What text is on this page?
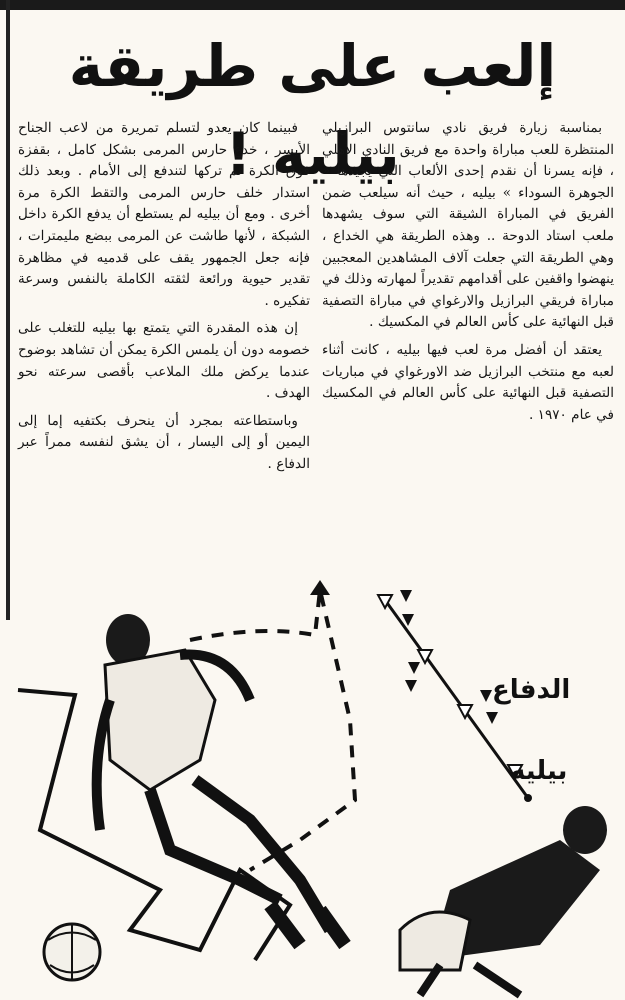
إلعب على طريقة بيليه !

بمناسبة زيارة فريق نادي سانتوس البرازيلي المنتظرة للعب مباراة واحدة مع فريق النادي الأهلي ، فإنه يسرنا أن نقدم إحدى الألعاب التي يجيدها « الجوهرة السوداء » بيليه ، حيث أنه سيلعب ضمن الفريق في المباراة الشيقة التي سوف يشهدها ملعب استاد الدوحة .. وهذه الطريقة هي الخداع ، وهي الطريقة التي جعلت آلاف المشاهدين المعجبين ينهضوا واقفين على أقدامهم تقديراً لمهارته وذلك في مباراة فريقي البرازيل والارغواي في مباراة التصفية قبل النهائية على كأس العالم في المكسيك .

يعتقد أن أفضل مرة لعب فيها بيليه ، كانت أثناء لعبه مع منتخب البرازيل ضد الاورغواي في مباريات التصفية قبل النهائية على كأس العالم في المكسيك في عام ١٩٧٠ .

فبينما كان يعدو لتسلم تمريرة من لاعب الجناح الأيسر ، خدع حارس المرمى بشكل كامل ، بقفزة فوق الكرة ثم تركها لتندفع إلى الأمام . وبعد ذلك استدار خلف حارس المرمى والتقط الكرة مرة أخرى . ومع أن بيليه لم يستطع أن يدفع الكرة داخل الشبكة ، لأنها طاشت عن المرمى ببضع مليمترات ، فإنه جعل الجمهور يقف على قدميه في مظاهرة تقدير حيوية ورائعة لثقته الكاملة بالنفس وسرعة تفكيره .

إن هذه المقدرة التي يتمتع بها بيليه للتغلب على خصومه دون أن يلمس الكرة يمكن أن تشاهد بوضوح عندما يركض ملك الملاعب بأقصى سرعته نحو الهدف .

وباستطاعته بمجرد أن ينحرف بكتفيه إما إلى اليمين أو إلى اليسار ، أن يشق لنفسه ممراً عبر الدفاع .

الدفاع
بيليه
